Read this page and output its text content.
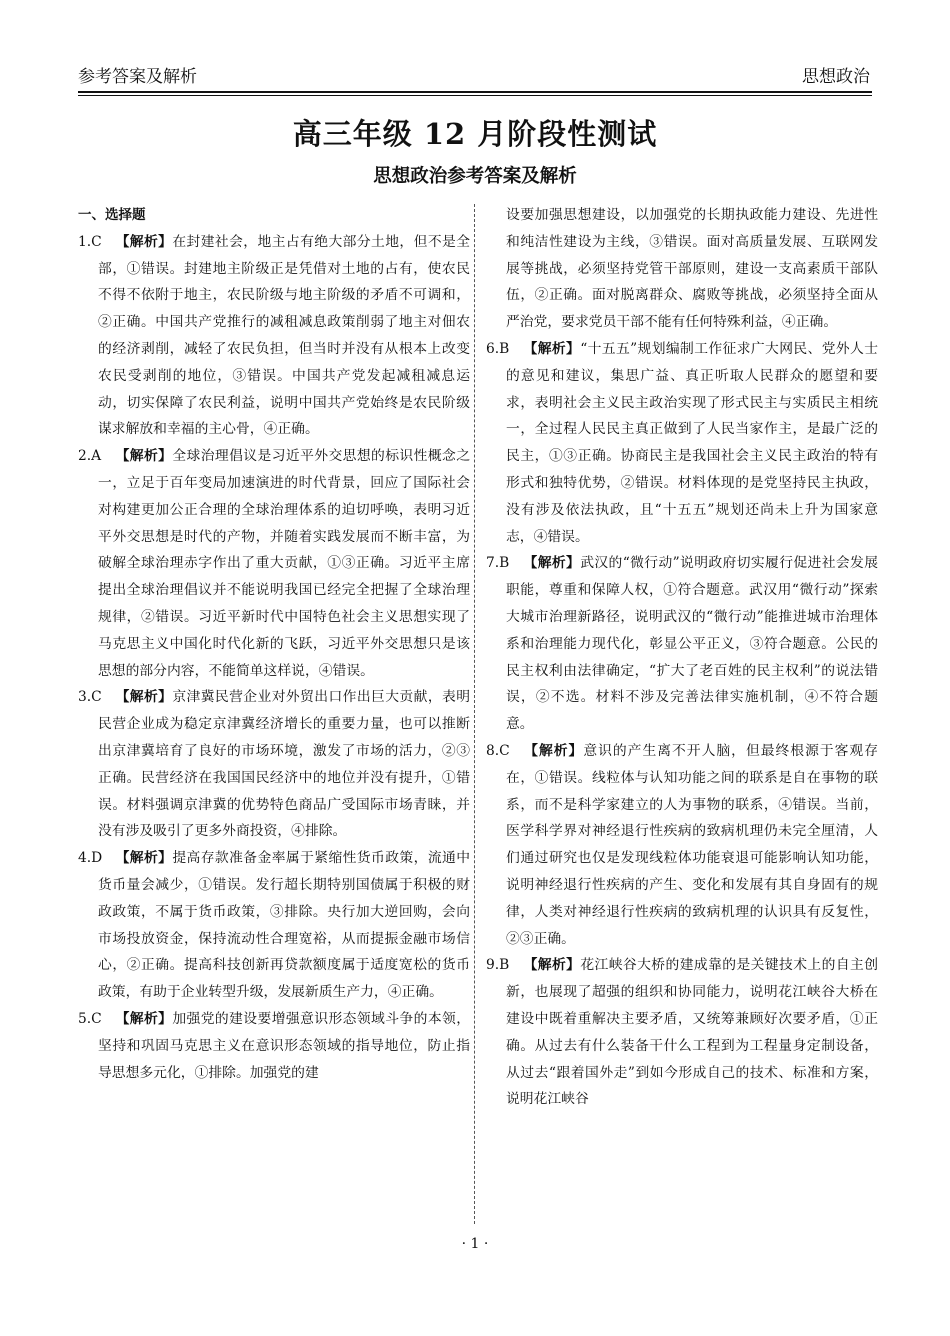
参考答案及解析	思想政治
高三年级 12 月阶段性测试
思想政治参考答案及解析
一、选择题

1.C 【解析】在封建社会，地主占有绝大部分土地，但不是全部，①错误。封建地主阶级正是凭借对土地的占有，使农民不得不依附于地主，农民阶级与地主阶级的矛盾不可调和，②正确。中国共产党推行的减租减息政策削弱了地主对佃农的经济剥削，减轻了农民负担，但当时并没有从根本上改变农民受剥削的地位，③错误。中国共产党发起减租减息运动，切实保障了农民利益，说明中国共产党始终是农民阶级谋求解放和幸福的主心骨，④正确。

2.A 【解析】全球治理倡议是习近平外交思想的标识性概念之一，立足于百年变局加速演进的时代背景，回应了国际社会对构建更加公正合理的全球治理体系的迫切呼唤，表明习近平外交思想是时代的产物，并随着实践发展而不断丰富，为破解全球治理赤字作出了重大贡献，①③正确。习近平主席提出全球治理倡议并不能说明我国已经完全把握了全球治理规律，②错误。习近平新时代中国特色社会主义思想实现了马克思主义中国化时代化新的飞跃，习近平外交思想只是该思想的部分内容，不能简单这样说，④错误。

3.C 【解析】京津冀民营企业对外贸出口作出巨大贡献，表明民营企业成为稳定京津冀经济增长的重要力量，也可以推断出京津冀培育了良好的市场环境，激发了市场的活力，②③正确。民营经济在我国国民经济中的地位并没有提升，①错误。材料强调京津冀的优势特色商品广受国际市场青睐，并没有涉及吸引了更多外商投资，④排除。

4.D 【解析】提高存款准备金率属于紧缩性货币政策，流通中货币量会减少，①错误。发行超长期特别国债属于积极的财政政策，不属于货币政策，③排除。央行加大逆回购，会向市场投放资金，保持流动性合理宽裕，从而提振金融市场信心，②正确。提高科技创新再贷款额度属于适度宽松的货币政策，有助于企业转型升级，发展新质生产力，④正确。

5.C 【解析】加强党的建设要增强意识形态领域斗争的本领，坚持和巩固马克思主义在意识形态领域的指导地位，防止指导思想多元化，①排除。加强党的建

设要加强思想建设，以加强党的长期执政能力建设、先进性和纯洁性建设为主线，③错误。面对高质量发展、互联网发展等挑战，必须坚持党管干部原则，建设一支高素质干部队伍，②正确。面对脱离群众、腐败等挑战，必须坚持全面从严治党，要求党员干部不能有任何特殊利益，④正确。

6.B 【解析】“十五五”规划编制工作征求广大网民、党外人士的意见和建议，集思广益、真正听取人民群众的愿望和要求，表明社会主义民主政治实现了形式民主与实质民主相统一，全过程人民民主真正做到了人民当家作主，是最广泛的民主，①③正确。协商民主是我国社会主义民主政治的特有形式和独特优势，②错误。材料体现的是党坚持民主执政，没有涉及依法执政，且“十五五”规划还尚未上升为国家意志，④错误。

7.B 【解析】武汉的“微行动”说明政府切实履行促进社会发展职能，尊重和保障人权，①符合题意。武汉用“微行动”探索大城市治理新路径，说明武汉的“微行动”能推进城市治理体系和治理能力现代化，彰显公平正义，③符合题意。公民的民主权利由法律确定，“扩大了老百姓的民主权利”的说法错误，②不选。材料不涉及完善法律实施机制，④不符合题意。

8.C 【解析】意识的产生离不开人脑，但最终根源于客观存在，①错误。线粒体与认知功能之间的联系是自在事物的联系，而不是科学家建立的人为事物的联系，④错误。当前，医学科学界对神经退行性疾病的致病机理仍未完全厘清，人们通过研究也仅是发现线粒体功能衰退可能影响认知功能，说明神经退行性疾病的产生、变化和发展有其自身固有的规律，人类对神经退行性疾病的致病机理的认识具有反复性，②③正确。

9.B 【解析】花江峡谷大桥的建成靠的是关键技术上的自主创新，也展现了超强的组织和协同能力，说明花江峡谷大桥在建设中既着重解决主要矛盾，又统筹兼顾好次要矛盾，①正确。从过去有什么装备干什么工程到为工程量身定制设备，从过去“跟着国外走”到如今形成自己的技术、标准和方案，说明花江峡谷

· 1 ·
